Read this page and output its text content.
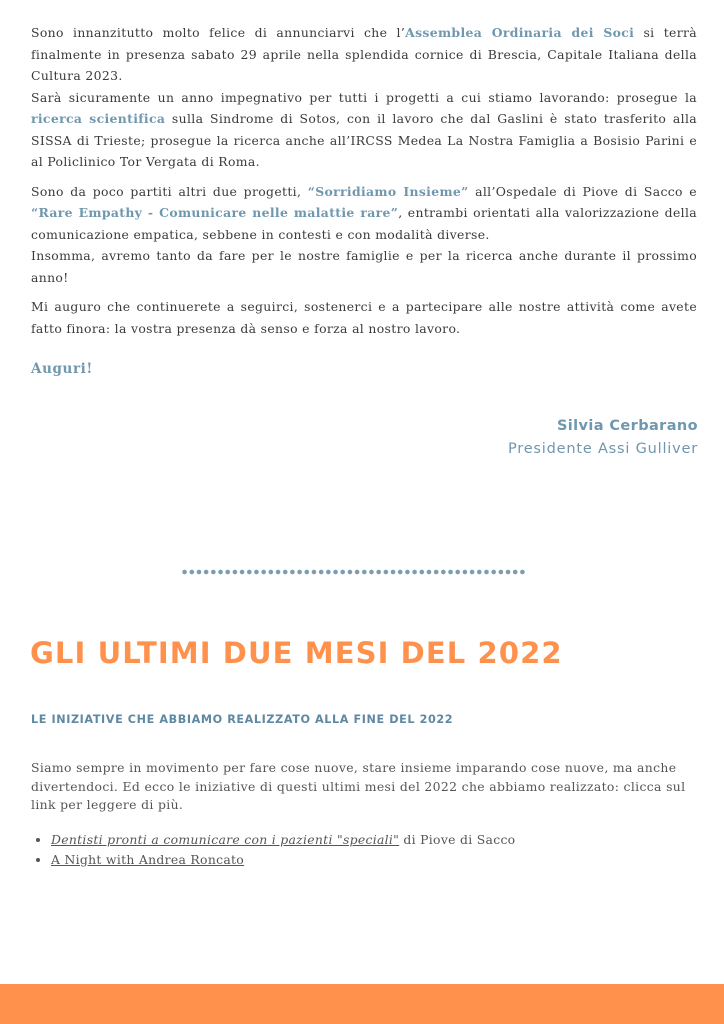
Sono innanzitutto molto felice di annunciarvi che l’Assemblea Ordinaria dei Soci si terrà finalmente in presenza sabato 29 aprile nella splendida cornice di Brescia, Capitale Italiana della Cultura 2023.
Sarà sicuramente un anno impegnativo per tutti i progetti a cui stiamo lavorando: prosegue la ricerca scientifica sulla Sindrome di Sotos, con il lavoro che dal Gaslini è stato trasferito alla SISSA di Trieste; prosegue la ricerca anche all’IRCSS Medea La Nostra Famiglia a Bosisio Parini e al Policlinico Tor Vergata di Roma.

Sono da poco partiti altri due progetti, “Sorridiamo Insieme” all’Ospedale di Piove di Sacco e “Rare Empathy - Comunicare nelle malattie rare”, entrambi orientati alla valorizzazione della comunicazione empatica, sebbene in contesti e con modalità diverse.
Insomma, avremo tanto da fare per le nostre famiglie e per la ricerca anche durante il prossimo anno!

Mi auguro che continuerete a seguirci, sostenerci e a partecipare alle nostre attività come avete fatto finora: la vostra presenza dà senso e forza al nostro lavoro.

Auguri!
Silvia Cerbarano
Presidente Assi Gulliver
GLI ULTIMI DUE MESI DEL 2022
LE INIZIATIVE CHE ABBIAMO REALIZZATO ALLA FINE DEL 2022

Siamo sempre in movimento per fare cose nuove, stare insieme imparando cose nuove, ma anche divertendoci. Ed ecco le iniziative di questi ultimi mesi del 2022 che abbiamo realizzato: clicca sul link per leggere di più.

• Dentisti pronti a comunicare con i pazienti "speciali" di Piove di Sacco
• A Night with Andrea Roncato
